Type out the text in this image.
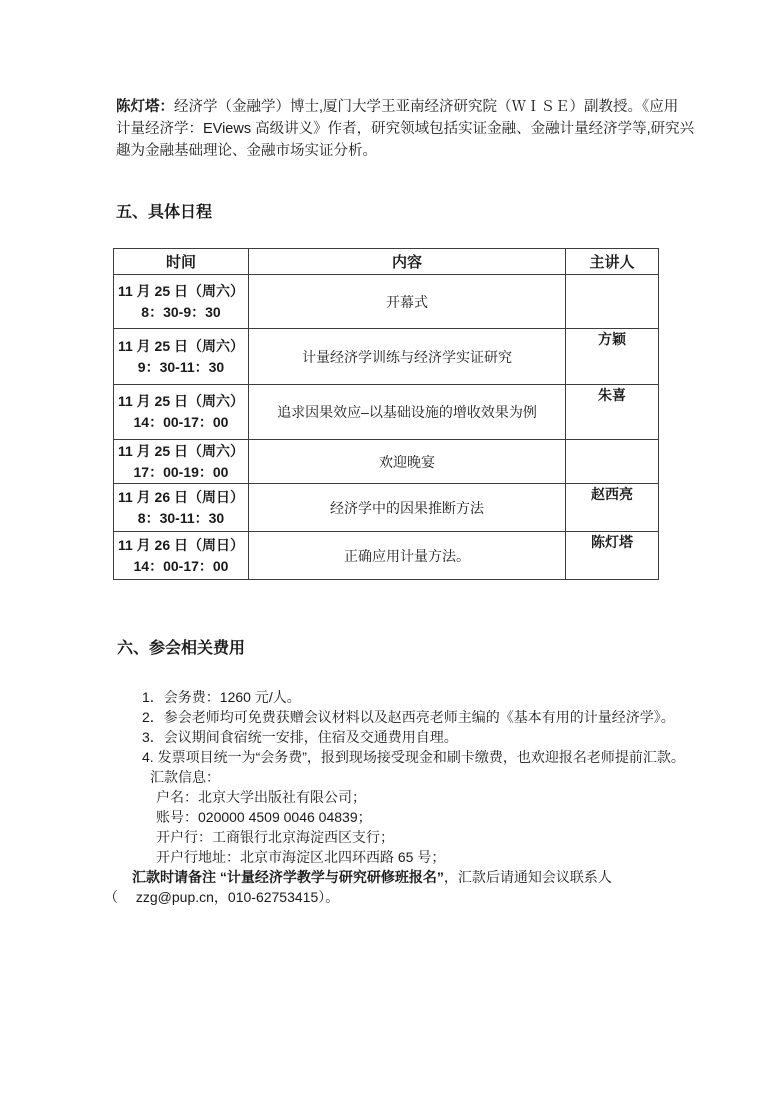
陈灯塔：经济学（金融学）博士,厦门大学王亚南经济研究院（ＷＩＳＥ）副教授。《应用
计量经济学：EViews 高级讲义》作者，研究领域包括实证金融、金融计量经济学等,研究兴
趣为金融基础理论、金融市场实证分析。
五、具体日程
时间	内容	主讲人

11 月 25 日（周六）
8：30-9：30	开幕式	

11 月 25 日（周六）
9：30-11：30	计量经济学训练与经济学实证研究	方颖

11 月 25 日（周六）
14：00-17：00	追求因果效应–以基础设施的增收效果为例	朱喜

11 月 25 日（周六）
17：00-19：00	欢迎晚宴	

11 月 26 日（周日）
8：30-11：30	经济学中的因果推断方法	赵西亮

11 月 26 日（周日）
14：00-17：00	正确应用计量方法。	陈灯塔
六、参会相关费用
1．会务费：1260 元/人。
2．参会老师均可免费获赠会议材料以及赵西亮老师主编的《基本有用的计量经济学》。
3．会议期间食宿统一安排，住宿及交通费用自理。
4. 发票项目统一为“会务费”，报到现场接受现金和刷卡缴费，也欢迎报名老师提前汇款。
汇款信息：
户名：北京大学出版社有限公司；
账号：020000 4509 0046 04839；
开户行：工商银行北京海淀西区支行；
开户行地址：北京市海淀区北四环西路 65 号；
汇款时请备注 “计量经济学教学与研究研修班报名”，汇款后请通知会议联系人
（　 zzg@pup.cn，010-62753415）。
